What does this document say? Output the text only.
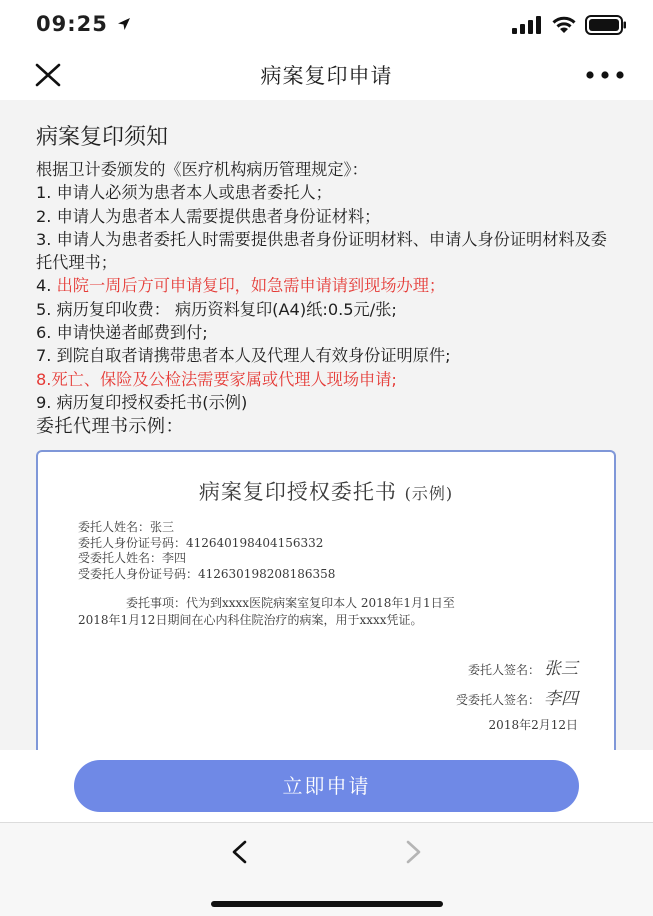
09:25
病案复印申请
病案复印须知
根据卫计委颁发的《医疗机构病历管理规定》：
1. 申请人必须为患者本人或患者委托人；
2. 申请人为患者本人需要提供患者身份证材料；
3. 申请人为患者委托人时需要提供患者身份证明材料、申请人身份证明材料及委托代理书；
4. 出院一周后方可申请复印，如急需申请请到现场办理；
5. 病历复印收费： 病历资料复印(A4)纸:0.5元/张;
6. 申请快递者邮费到付;
7. 到院自取者请携带患者本人及代理人有效身份证明原件;
8.死亡、保险及公检法需要家属或代理人现场申请;
9. 病历复印授权委托书(示例)
委托代理书示例：
病案复印授权委托书 (示例)
委托人姓名：张三
委托人身份证号码：412640198404156332
受委托人姓名：李四
受委托人身份证号码：412630198208186358
委托事项：代为到xxxx医院病案室复印本人 2018年1月1日至
2018年1月12日期间在心内科住院治疗的病案，用于xxxx凭证。
委托人签名： 张三
受委托人签名： 李四
2018年2月12日
立即申请
